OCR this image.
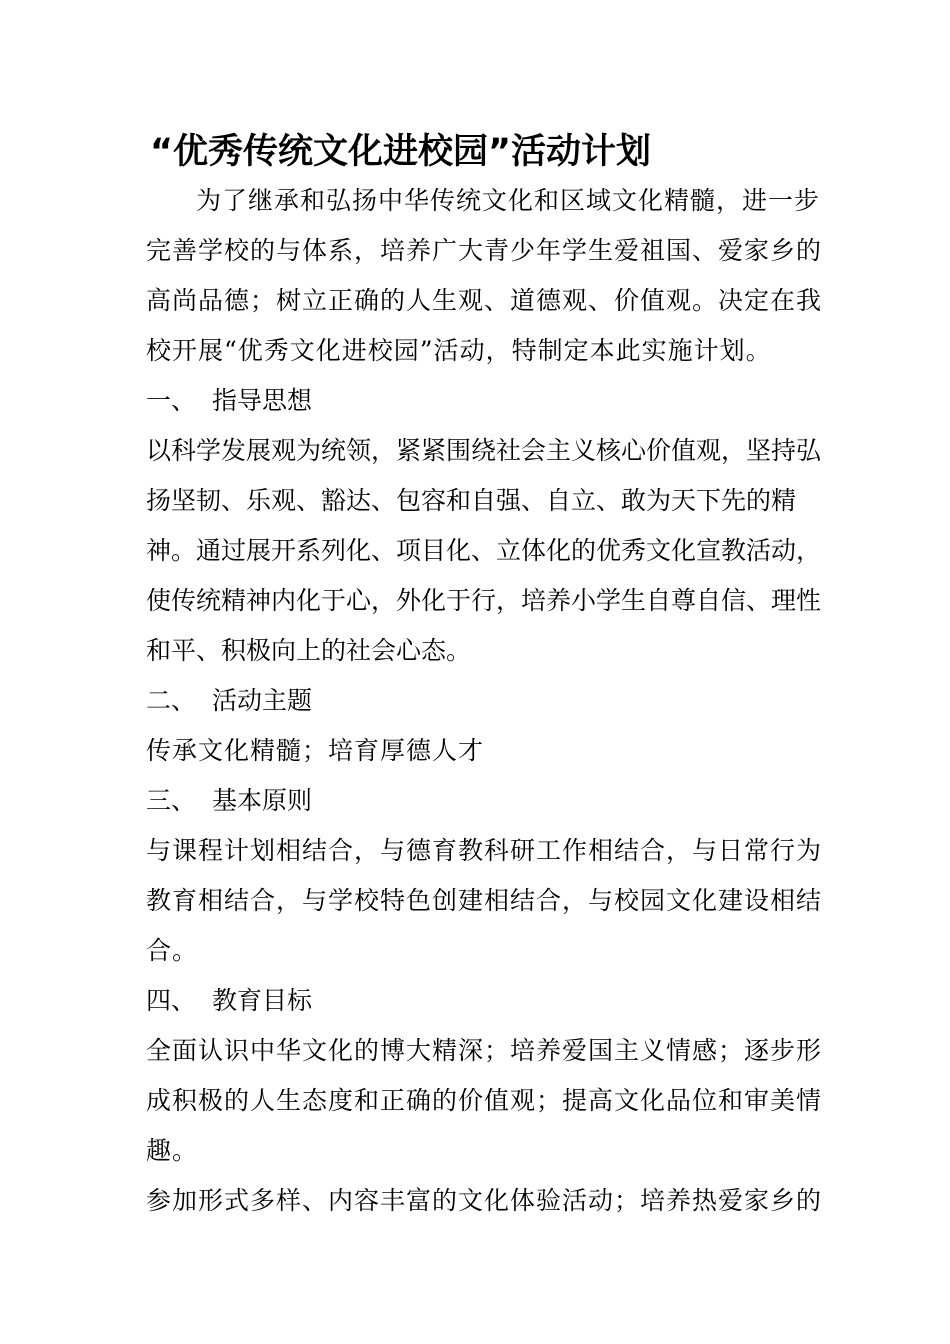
“优秀传统文化进校园”活动计划

为了继承和弘扬中华传统文化和区域文化精髓，进一步完善学校的与体系，培养广大青少年学生爱祖国、爱家乡的高尚品德；树立正确的人生观、道德观、价值观。决定在我校开展“优秀文化进校园”活动，特制定本此实施计划。

一、 指导思想

以科学发展观为统领，紧紧围绕社会主义核心价值观，坚持弘扬坚韧、乐观、豁达、包容和自强、自立、敢为天下先的精神。通过展开系列化、项目化、立体化的优秀文化宣教活动，使传统精神内化于心，外化于行，培养小学生自尊自信、理性和平、积极向上的社会心态。

二、 活动主题

传承文化精髓；培育厚德人才

三、 基本原则

与课程计划相结合，与德育教科研工作相结合，与日常行为教育相结合，与学校特色创建相结合，与校园文化建设相结合。

四、 教育目标

全面认识中华文化的博大精深；培养爱国主义情感；逐步形成积极的人生态度和正确的价值观；提高文化品位和审美情趣。

参加形式多样、内容丰富的文化体验活动；培养热爱家乡的
